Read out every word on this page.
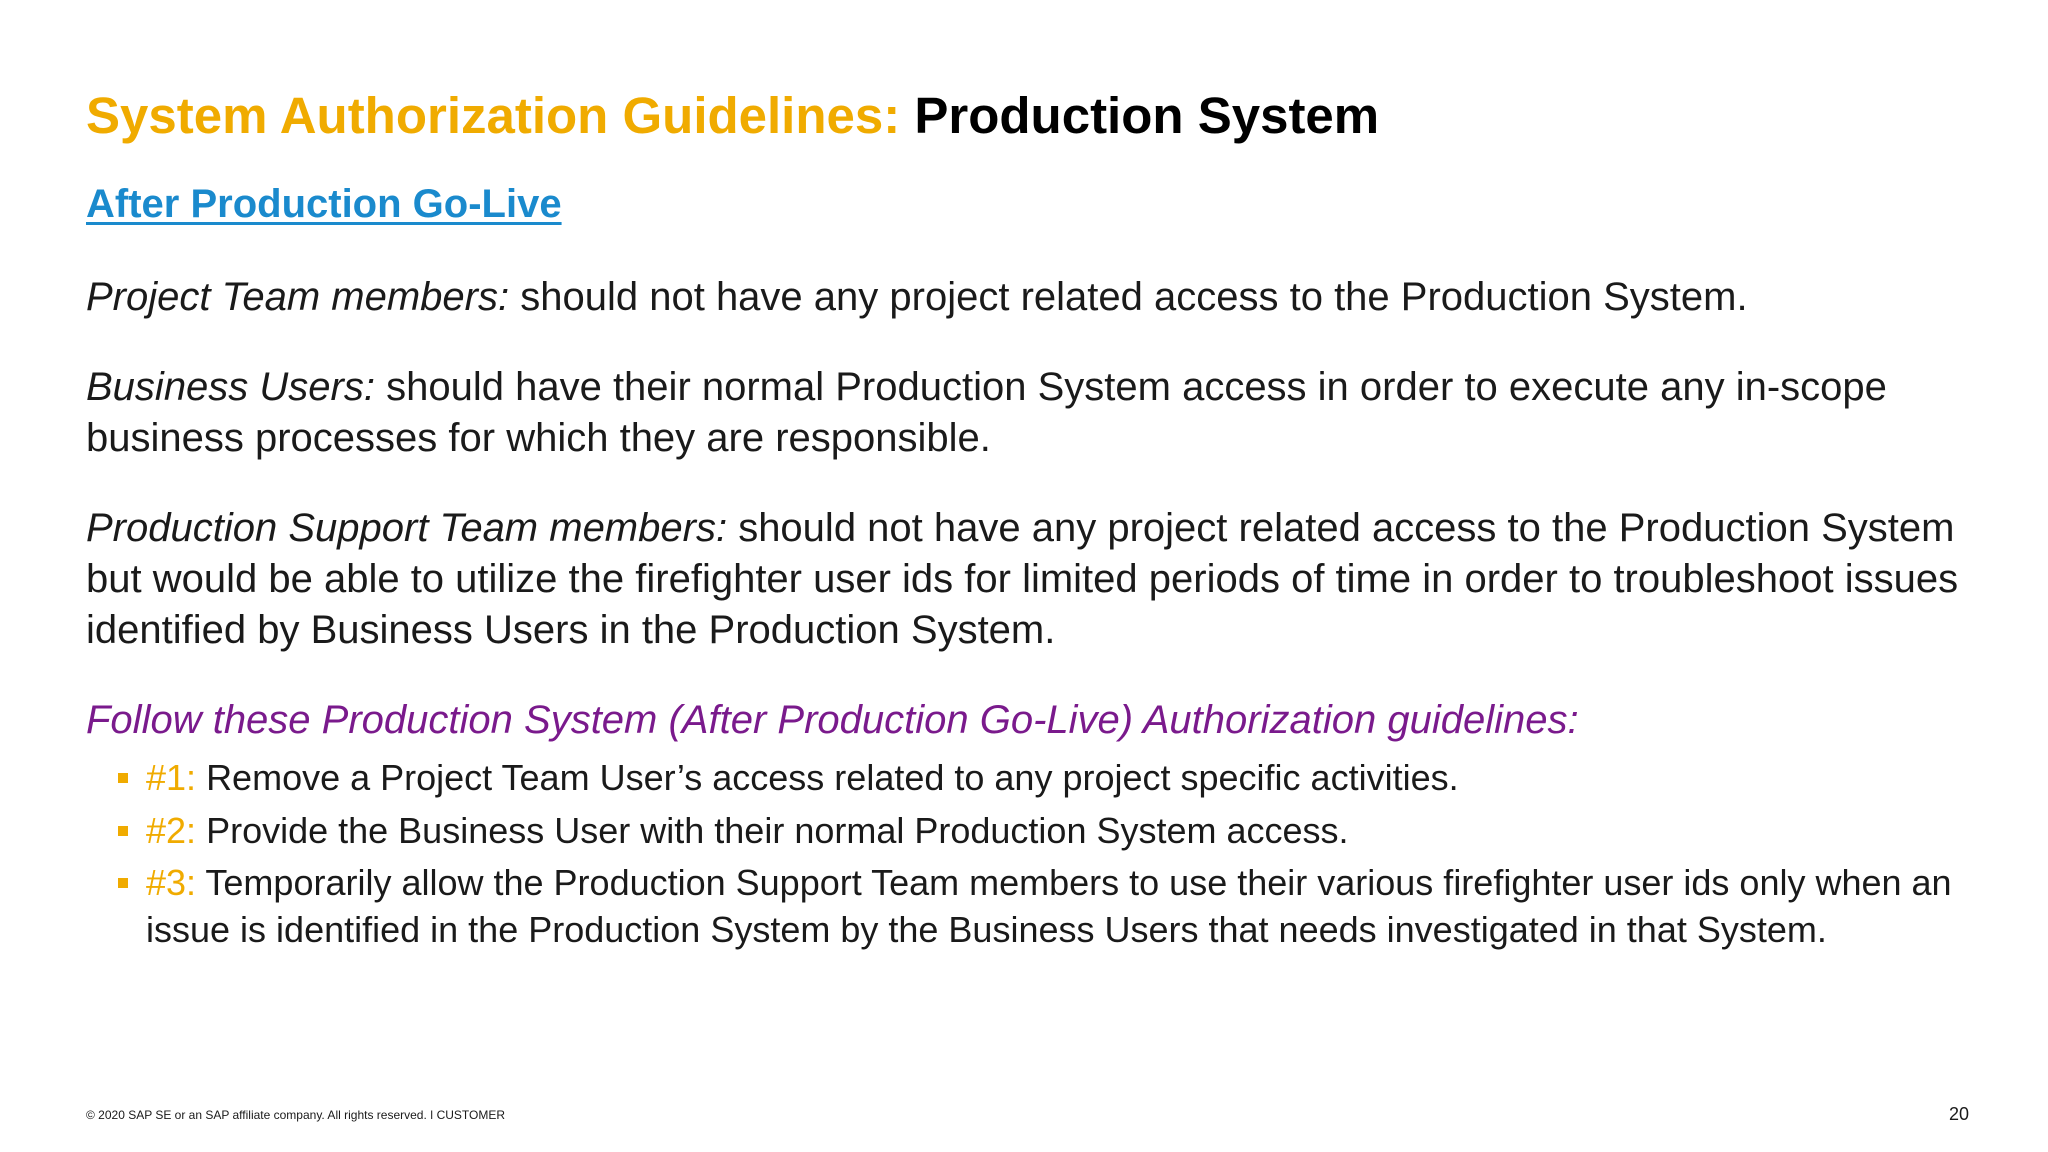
System Authorization Guidelines: Production System
After Production Go-Live
Project Team members: should not have any project related access to the Production System.
Business Users: should have their normal Production System access in order to execute any in-scope business processes for which they are responsible.
Production Support Team members: should not have any project related access to the Production System but would be able to utilize the firefighter user ids for limited periods of time in order to troubleshoot issues identified by Business Users in the Production System.
Follow these Production System (After Production Go-Live) Authorization guidelines:
#1: Remove a Project Team User’s access related to any project specific activities.
#2: Provide the Business User with their normal Production System access.
#3: Temporarily allow the Production Support Team members to use their various firefighter user ids only when an issue is identified in the Production System by the Business Users that needs investigated in that System.
© 2020 SAP SE or an SAP affiliate company. All rights reserved. ǀ CUSTOMER	20
